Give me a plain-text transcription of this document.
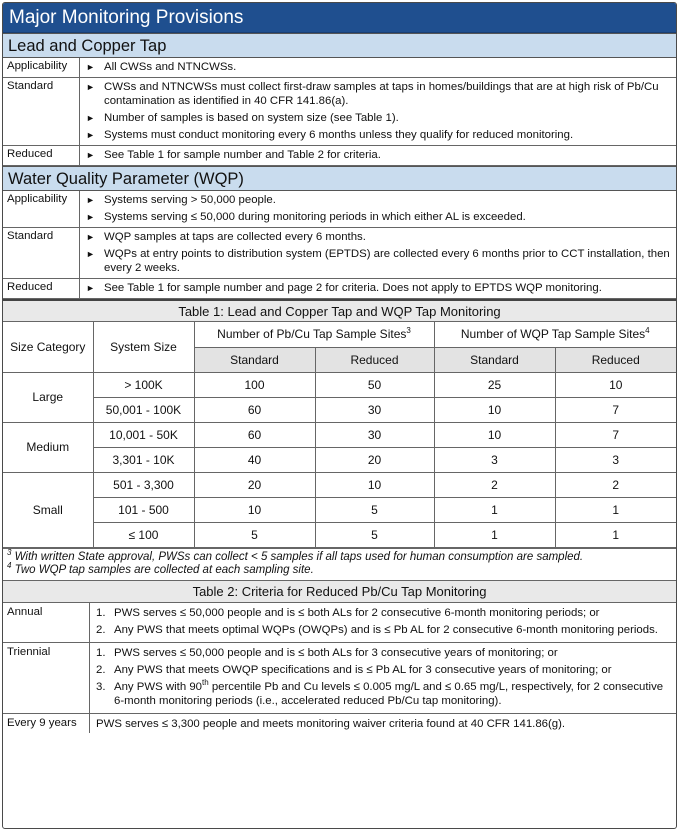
Major Monitoring Provisions
Lead and Copper Tap
Applicability	► All CWSs and NTNCWSs.
Standard	► CWSs and NTNCWSs must collect first-draw samples at taps in homes/buildings that are at high risk of Pb/Cu contamination as identified in 40 CFR 141.86(a).
► Number of samples is based on system size (see Table 1).
► Systems must conduct monitoring every 6 months unless they qualify for reduced monitoring.
Reduced	► See Table 1 for sample number and Table 2 for criteria.
Water Quality Parameter (WQP)
Applicability	► Systems serving > 50,000 people.
► Systems serving ≤ 50,000 during monitoring periods in which either AL is exceeded.
Standard	► WQP samples at taps are collected every 6 months.
► WQPs at entry points to distribution system (EPTDS) are collected every 6 months prior to CCT installation, then every 2 weeks.
Reduced	► See Table 1 for sample number and page 2 for criteria. Does not apply to EPTDS WQP monitoring.
Table 1: Lead and Copper Tap and WQP Tap Monitoring
Size Category	System Size	Number of Pb/Cu Tap Sample Sites$^3$		Number of WQP Tap Sample Sites$^4$
		Standard	Reduced	Standard	Reduced
Large	> 100K	100	50	25	10
	50,001 - 100K	60	30	10	7
Medium	10,001 - 50K	60	30	10	7
	3,301 - 10K	40	20	3	3
Small	501 - 3,300	20	10	2	2
	101 - 500	10	5	1	1
	≤ 100	5	5	1	1
$^3$ With written State approval, PWSs can collect < 5 samples if all taps used for human consumption are sampled.
$^4$ Two WQP tap samples are collected at each sampling site.
Table 2: Criteria for Reduced Pb/Cu Tap Monitoring
Annual	1. PWS serves ≤ 50,000 people and is ≤ both ALs for 2 consecutive 6-month monitoring periods; or
2. Any PWS that meets optimal WQPs (OWQPs) and is ≤ Pb AL for 2 consecutive 6-month monitoring periods.
Triennial	1. PWS serves ≤ 50,000 people and is ≤ both ALs for 3 consecutive years of monitoring; or
2. Any PWS that meets OWQP specifications and is ≤ Pb AL for 3 consecutive years of monitoring; or
3. Any PWS with 90th percentile Pb and Cu levels ≤ 0.005 mg/L and ≤ 0.65 mg/L, respectively, for 2 consecutive 6-month monitoring periods (i.e., accelerated reduced Pb/Cu tap monitoring).
Every 9 years	PWS serves ≤ 3,300 people and meets monitoring waiver criteria found at 40 CFR 141.86(g).
